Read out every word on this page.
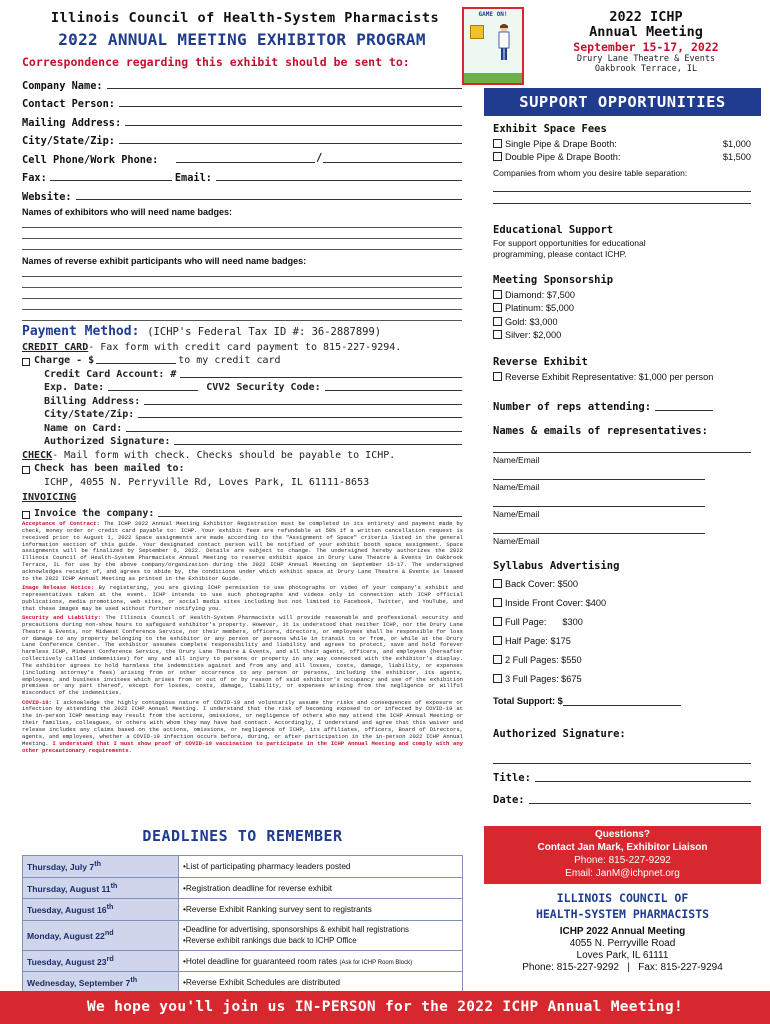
Illinois Council of Health-System Pharmacists
2022 ANNUAL MEETING EXHIBITOR PROGRAM
Correspondence regarding this exhibit should be sent to:
GAME ON!	2022 ICHP
Annual Meeting
September 15-17, 2022
Drury Lane Theatre & Events
Oakbrook Terrace, IL
Company Name:
Contact Person:
Mailing Address:
City/State/Zip:
Cell Phone/Work Phone:	/
Fax:	Email:
Website:
Names of exhibitors who will need name badges:
Names of reverse exhibit participants who will need name badges:
Payment Method: (ICHP's Federal Tax ID #: 36-2887899)
CREDIT CARD - Fax form with credit card payment to 815-227-9294.
Charge - $	to my credit card
Credit Card Account: #
Exp. Date:	CVV2 Security Code:
Billing Address:
City/State/Zip:
Name on Card:
Authorized Signature:
CHECK - Mail form with check. Checks should be payable to ICHP.
Check has been mailed to:
ICHP, 4055 N. Perryville Rd, Loves Park, IL 61111-8653
INVOICING
Invoice the company:

Acceptance of Contract: The ICHP 2022 Annual Meeting Exhibitor Registration must be completed in its entirety and payment made by check, money order or credit card payable to: ICHP. Your exhibit fees are refundable at 50% if a written cancellation request is received prior to August 1, 2022 Space assignments are made according to the "Assignment of Space" criteria listed in the general information section of this guide. Your designated contact person will be notified of your exhibit booth space assignment. Space assignments will be finalized by September 6, 2022. Details are subject to change. The undersigned hereby authorizes the 2022 Illinois Council of Health-System Pharmacists Annual Meeting to reserve exhibit space in Drury Lane Theatre & Events in Oakbrook Terrace, IL for use by the above company/organization during the 2022 ICHP Annual Meeting on September 15-17. The undersigned acknowledges receipt of, and agrees to abide by, the conditions under which exhibit space at Drury Lane Theatre & Events is leased to the 2022 ICHP Annual Meeting as printed in the Exhibitor Guide.

Image Release Notice: By registering, you are giving ICHP permission to use photographs or video of your company's exhibit and representatives taken at the event. ICHP intends to use such photographs and videos only in connection with ICHP official publications, media promotions, web sites, or social media sites including but not limited to Facebook, Twitter, and YouTube, and that these images may be used without further notifying you.

Security and Liability: The Illinois Council of Health-System Pharmacists will provide reasonable and professional security and precautions during non-show hours to safeguard exhibitor's property. However, it is understood that neither ICHP, nor the Drury Lane Theatre & Events, nor Midwest Conference Service, nor their members, officers, directors, or employees shall be responsible for loss or damage to any property belonging to the exhibitor or any person or persons while in transit to or from, or while at the Drury Lane Conference Center. The exhibitor assumes complete responsibility and liability and agrees to protect, save and hold forever harmless ICHP, Midwest Conference Service, the Drury Lane Theatre & Events, and all their agents, officers, and employees (hereafter collectively called indemnities) for any and all injury to persons or property in any way connected with the exhibitor's display. The exhibitor agrees to hold harmless the indemnities against and from any and all losses, costs, damage, liability, or expenses (including attorney's fees) arising from or other occurrence to any person or persons, including the exhibitor, its agents, employees, and business invitees which arises from or out of or by reason of said exhibitor's occupancy and use of the exhibition premises or any part thereof, except for losses, costs, damage, liability, or expenses arising from the negligence or willful misconduct of the indemnities.

COVID-19: I acknowledge the highly contagious nature of COVID-19 and voluntarily assume the risks and consequences of exposure or infection by attending the 2022 ICHP Annual Meeting. I understand that the risk of becoming exposed to or infected by COVID-19 at the in-person ICHP meeting may result from the actions, omissions, or negligence of others who may attend the ICHP Annual Meeting or their families, colleagues, or others with whom they may have had contact. Accordingly, I understand and agree that this waiver and release includes any claims based on the actions, omissions, or negligence of ICHP, its affiliates, officers, Board of Directors, agents, and employees, whether a COVID-19 infection occurs before, during, or after participation in the in-person 2022 ICHP Annual Meeting. I understand that I must show proof of COVID-19 vaccination to participate in the ICHP Annual Meeting and comply with any other precautionary requirements.

DEADLINES TO REMEMBER
Thursday, July 7th	•List of participating pharmacy leaders posted
Thursday, August 11th	•Registration deadline for reverse exhibit
Tuesday, August 16th	•Reverse Exhibit Ranking survey sent to registrants
Monday, August 22nd	•Deadline for advertising, sponsorships & exhibit hall registrations
•Reverse exhibit rankings due back to ICHP Office

Tuesday, August 23rd	•Hotel deadline for guaranteed room rates (Ask for ICHP Room Block)
Wednesday, September 7th	•Reverse Exhibit Schedules are distributed
We hope you'll join us IN-PERSON for the 2022 ICHP Annual Meeting!
SUPPORT OPPORTUNITIES
Exhibit Space Fees
Single Pipe & Drape Booth:	$1,000
Double Pipe & Drape Booth:	$1,500
Companies from whom you desire table separation:
Educational Support
For support opportunities for educational programming, please contact ICHP.
Meeting Sponsorship
Diamond: $7,500
Platinum: $5,000
Gold: $3,000
Silver: $2,000
Reverse Exhibit
Reverse Exhibit Representative: $1,000 per person
Number of reps attending:
Names & emails of representatives:
Name/Email
Name/Email
Name/Email
Name/Email
Syllabus Advertising
Back Cover: $500
Inside Front Cover: $400
Full Page: $300
Half Page: $175
2 Full Pages: $550
3 Full Pages: $675
Total Support: $
Authorized Signature:
Title:
Date:
Questions?
Contact Jan Mark, Exhibitor Liaison
Phone: 815-227-9292
Email: JanM@ichpnet.org
ILLINOIS COUNCIL OF
HEALTH-SYSTEM PHARMACISTS
ICHP 2022 Annual Meeting
4055 N. Perryville Road
Loves Park, IL 61111
Phone: 815-227-9292   |   Fax: 815-227-9294
